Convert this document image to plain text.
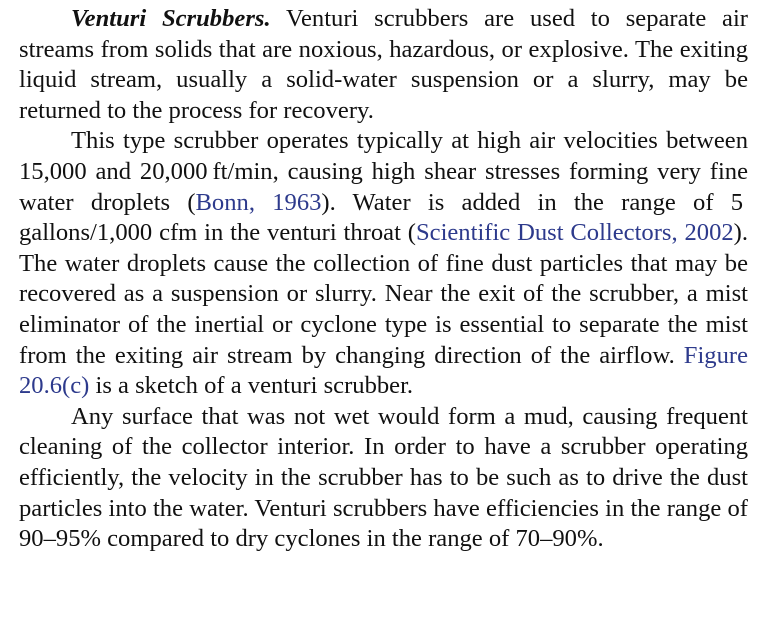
Venturi Scrubbers. Venturi scrubbers are used to separate air streams from solids that are noxious, hazardous, or explosive. The exiting liquid stream, usually a solid-water suspension or a slurry, may be returned to the process for recovery.

This type scrubber operates typically at high air velocities between 15,000 and 20,000 ft/min, causing high shear stresses forming very fine water droplets (Bonn, 1963). Water is added in the range of 5 gallons/1,000 cfm in the venturi throat (Scientific Dust Collectors, 2002). The water droplets cause the collection of fine dust particles that may be recovered as a suspension or slurry. Near the exit of the scrubber, a mist eliminator of the inertial or cyclone type is essential to separate the mist from the exiting air stream by changing direction of the airflow. Figure 20.6(c) is a sketch of a venturi scrubber.

Any surface that was not wet would form a mud, causing frequent cleaning of the collector interior. In order to have a scrubber operating efficiently, the velocity in the scrubber has to be such as to drive the dust particles into the water. Venturi scrubbers have efficiencies in the range of 90–95% compared to dry cyclones in the range of 70–90%.
